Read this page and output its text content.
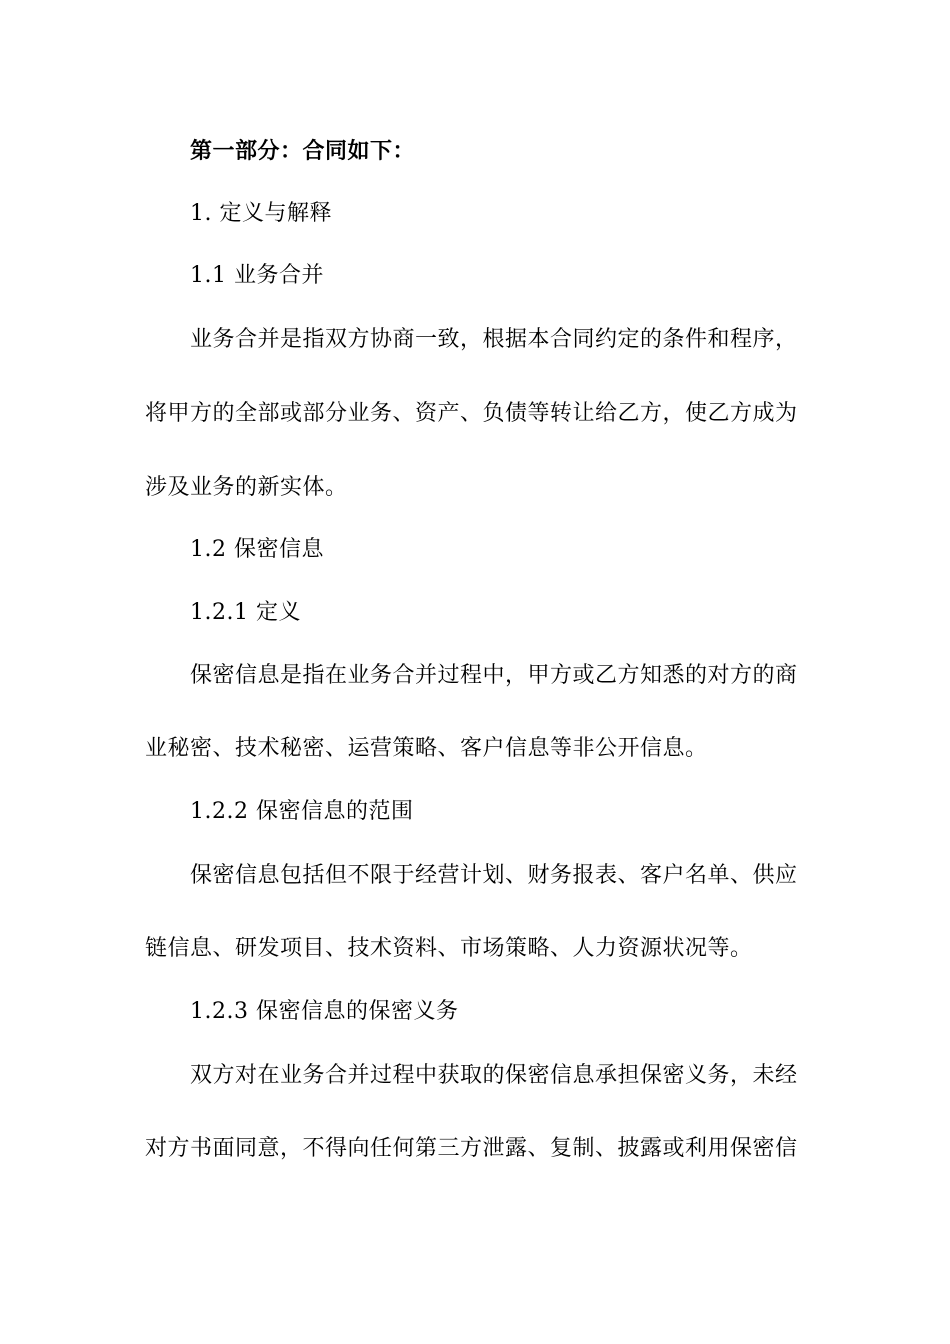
第一部分：合同如下：
1. 定义与解释
1.1 业务合并
业务合并是指双方协商一致，根据本合同约定的条件和程序，
将甲方的全部或部分业务、资产、负债等转让给乙方，使乙方成为
涉及业务的新实体。
1.2 保密信息
1.2.1 定义
保密信息是指在业务合并过程中，甲方或乙方知悉的对方的商
业秘密、技术秘密、运营策略、客户信息等非公开信息。
1.2.2 保密信息的范围
保密信息包括但不限于经营计划、财务报表、客户名单、供应
链信息、研发项目、技术资料、市场策略、人力资源状况等。
1.2.3 保密信息的保密义务
双方对在业务合并过程中获取的保密信息承担保密义务，未经
对方书面同意，不得向任何第三方泄露、复制、披露或利用保密信
